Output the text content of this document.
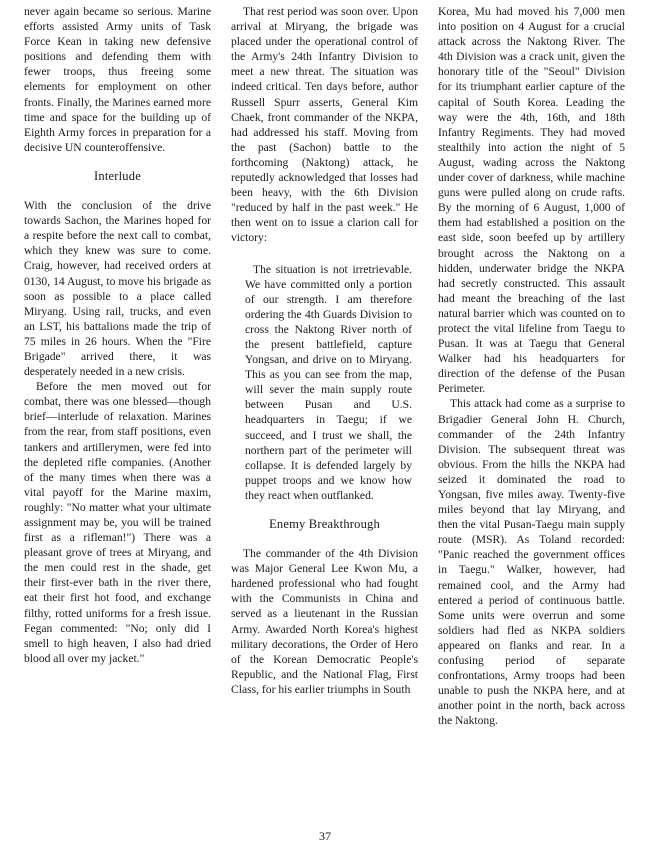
never again became so serious. Marine efforts assisted Army units of Task Force Kean in taking new defensive positions and defending them with fewer troops, thus freeing some elements for employment on other fronts. Finally, the Marines earned more time and space for the building up of Eighth Army forces in preparation for a decisive UN counteroffensive.

Interlude

With the conclusion of the drive towards Sachon, the Marines hoped for a respite before the next call to combat, which they knew was sure to come. Craig, however, had received orders at 0130, 14 August, to move his brigade as soon as possible to a place called Miryang. Using rail, trucks, and even an LST, his battalions made the trip of 75 miles in 26 hours. When the "Fire Brigade" arrived there, it was desperately needed in a new crisis.

Before the men moved out for combat, there was one blessed—though brief—interlude of relaxation. Marines from the rear, from staff positions, even tankers and artillerymen, were fed into the depleted rifle companies. (Another of the many times when there was a vital payoff for the Marine maxim, roughly: "No matter what your ultimate assignment may be, you will be trained first as a rifleman!") There was a pleasant grove of trees at Miryang, and the men could rest in the shade, get their first-ever bath in the river there, eat their first hot food, and exchange filthy, rotted uniforms for a fresh issue. Fegan commented: "No; only did I smell to high heaven, I also had dried blood all over my jacket."

That rest period was soon over. Upon arrival at Miryang, the brigade was placed under the operational control of the Army's 24th Infantry Division to meet a new threat. The situation was indeed critical. Ten days before, author Russell Spurr asserts, General Kim Chaek, front commander of the NKPA, had addressed his staff. Moving from the past (Sachon) battle to the forthcoming (Naktong) attack, he reputedly acknowledged that losses had been heavy, with the 6th Division "reduced by half in the past week." He then went on to issue a clarion call for victory:

The situation is not irretrievable. We have committed only a portion of our strength. I am therefore ordering the 4th Guards Division to cross the Naktong River north of the present battlefield, capture Yongsan, and drive on to Miryang. This as you can see from the map, will sever the main supply route between Pusan and U.S. headquarters in Taegu; if we succeed, and I trust we shall, the northern part of the perimeter will collapse. It is defended largely by puppet troops and we know how they react when outflanked.

Enemy Breakthrough

The commander of the 4th Division was Major General Lee Kwon Mu, a hardened professional who had fought with the Communists in China and served as a lieutenant in the Russian Army. Awarded North Korea's highest military decorations, the Order of Hero of the Korean Democratic People's Republic, and the National Flag, First Class, for his earlier triumphs in South

Korea, Mu had moved his 7,000 men into position on 4 August for a crucial attack across the Naktong River. The 4th Division was a crack unit, given the honorary title of the "Seoul" Division for its triumphant earlier capture of the capital of South Korea. Leading the way were the 4th, 16th, and 18th Infantry Regiments. They had moved stealthily into action the night of 5 August, wading across the Naktong under cover of darkness, while machine guns were pulled along on crude rafts. By the morning of 6 August, 1,000 of them had established a position on the east side, soon beefed up by artillery brought across the Naktong on a hidden, underwater bridge the NKPA had secretly constructed. This assault had meant the breaching of the last natural barrier which was counted on to protect the vital lifeline from Taegu to Pusan. It was at Taegu that General Walker had his headquarters for direction of the defense of the Pusan Perimeter.

This attack had come as a surprise to Brigadier General John H. Church, commander of the 24th Infantry Division. The subsequent threat was obvious. From the hills the NKPA had seized it dominated the road to Yongsan, five miles away. Twenty-five miles beyond that lay Miryang, and then the vital Pusan-Taegu main supply route (MSR). As Toland recorded: "Panic reached the government offices in Taegu." Walker, however, had remained cool, and the Army had entered a period of continuous battle. Some units were overrun and some soldiers had fled as NKPA soldiers appeared on flanks and rear. In a confusing period of separate confrontations, Army troops had been unable to push the NKPA here, and at another point in the north, back across the Naktong.

37
